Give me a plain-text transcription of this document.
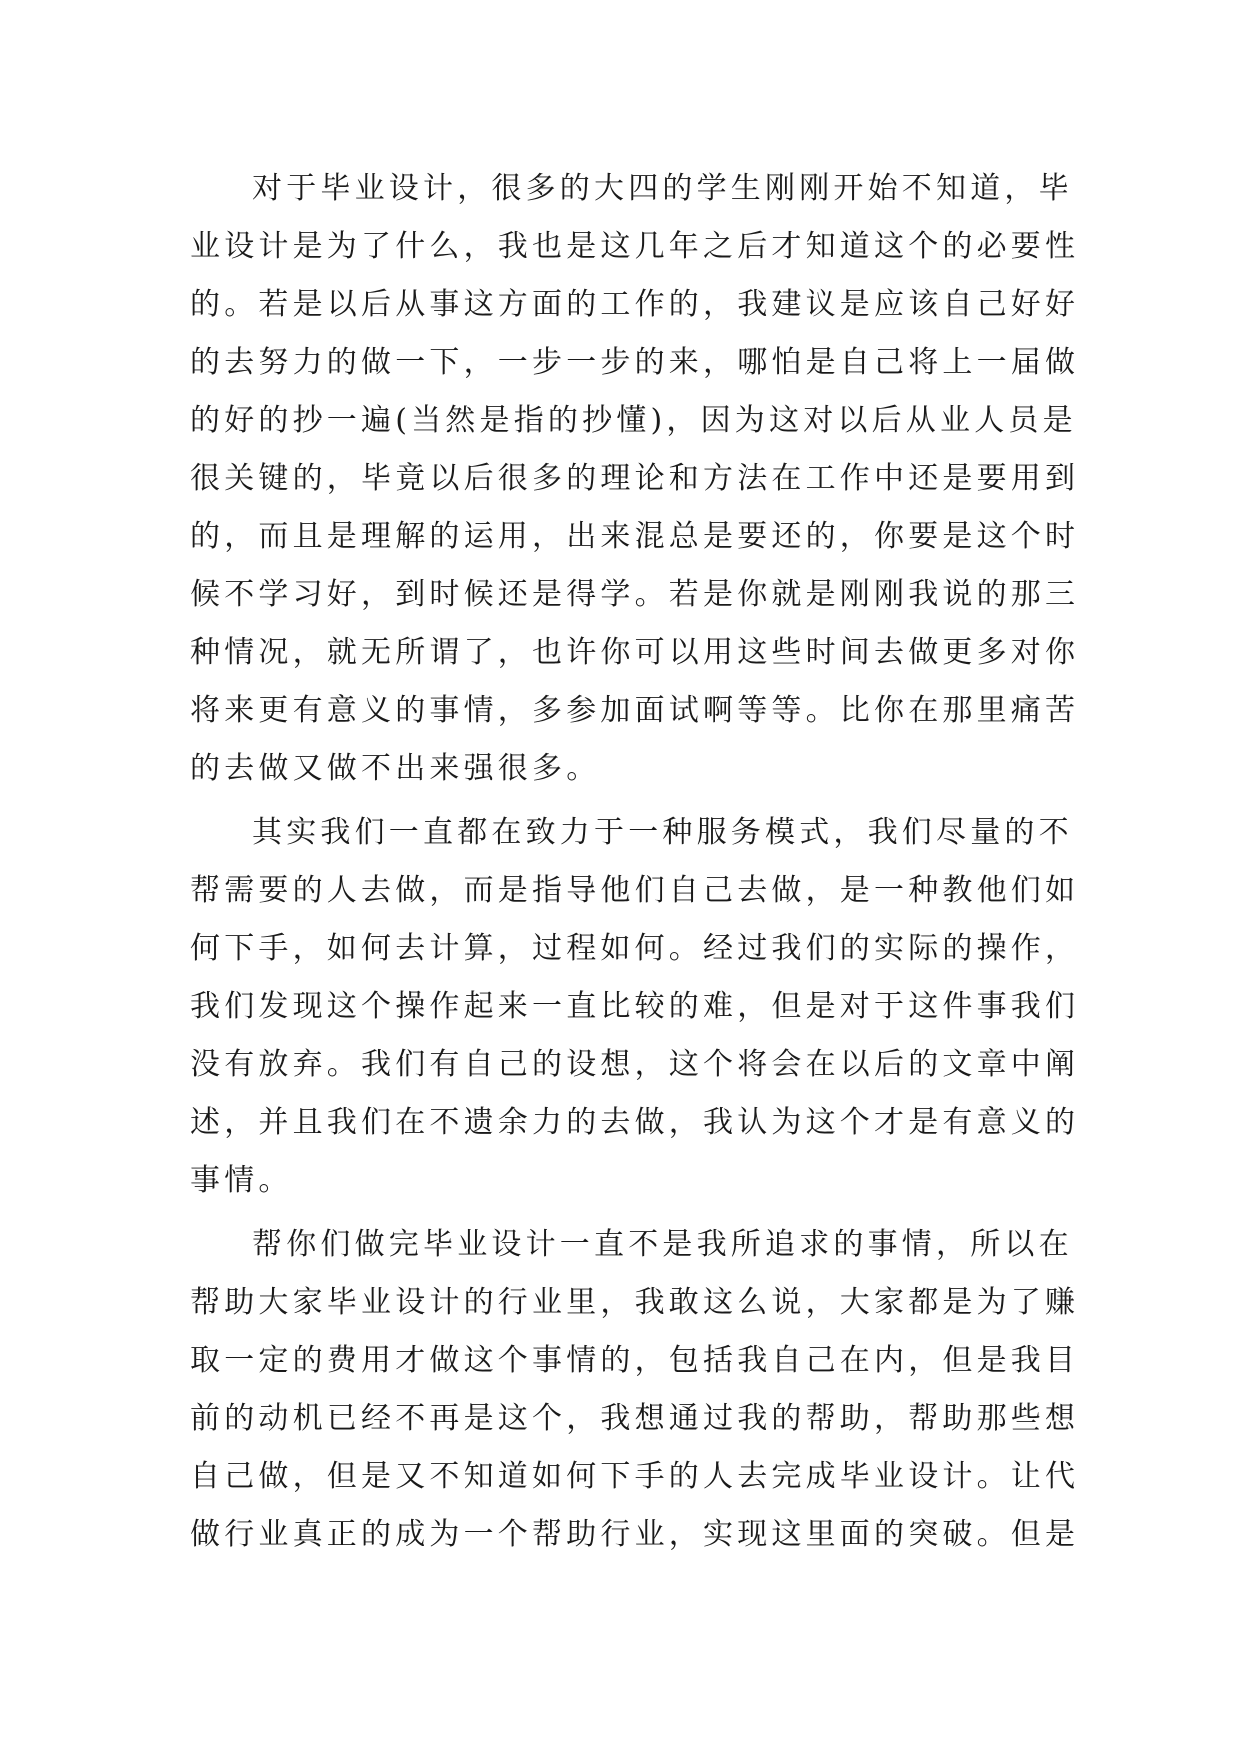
对于毕业设计，很多的大四的学生刚刚开始不知道，毕
业设计是为了什么，我也是这几年之后才知道这个的必要性
的。若是以后从事这方面的工作的，我建议是应该自己好好
的去努力的做一下，一步一步的来，哪怕是自己将上一届做
的好的抄一遍(当然是指的抄懂)，因为这对以后从业人员是
很关键的，毕竟以后很多的理论和方法在工作中还是要用到
的，而且是理解的运用，出来混总是要还的，你要是这个时
候不学习好，到时候还是得学。若是你就是刚刚我说的那三
种情况，就无所谓了，也许你可以用这些时间去做更多对你
将来更有意义的事情，多参加面试啊等等。比你在那里痛苦
的去做又做不出来强很多。
其实我们一直都在致力于一种服务模式，我们尽量的不
帮需要的人去做，而是指导他们自己去做，是一种教他们如
何下手，如何去计算，过程如何。经过我们的实际的操作，
我们发现这个操作起来一直比较的难，但是对于这件事我们
没有放弃。我们有自己的设想，这个将会在以后的文章中阐
述，并且我们在不遗余力的去做，我认为这个才是有意义的
事情。
帮你们做完毕业设计一直不是我所追求的事情，所以在
帮助大家毕业设计的行业里，我敢这么说，大家都是为了赚
取一定的费用才做这个事情的，包括我自己在内，但是我目
前的动机已经不再是这个，我想通过我的帮助，帮助那些想
自己做，但是又不知道如何下手的人去完成毕业设计。让代
做行业真正的成为一个帮助行业，实现这里面的突破。但是
